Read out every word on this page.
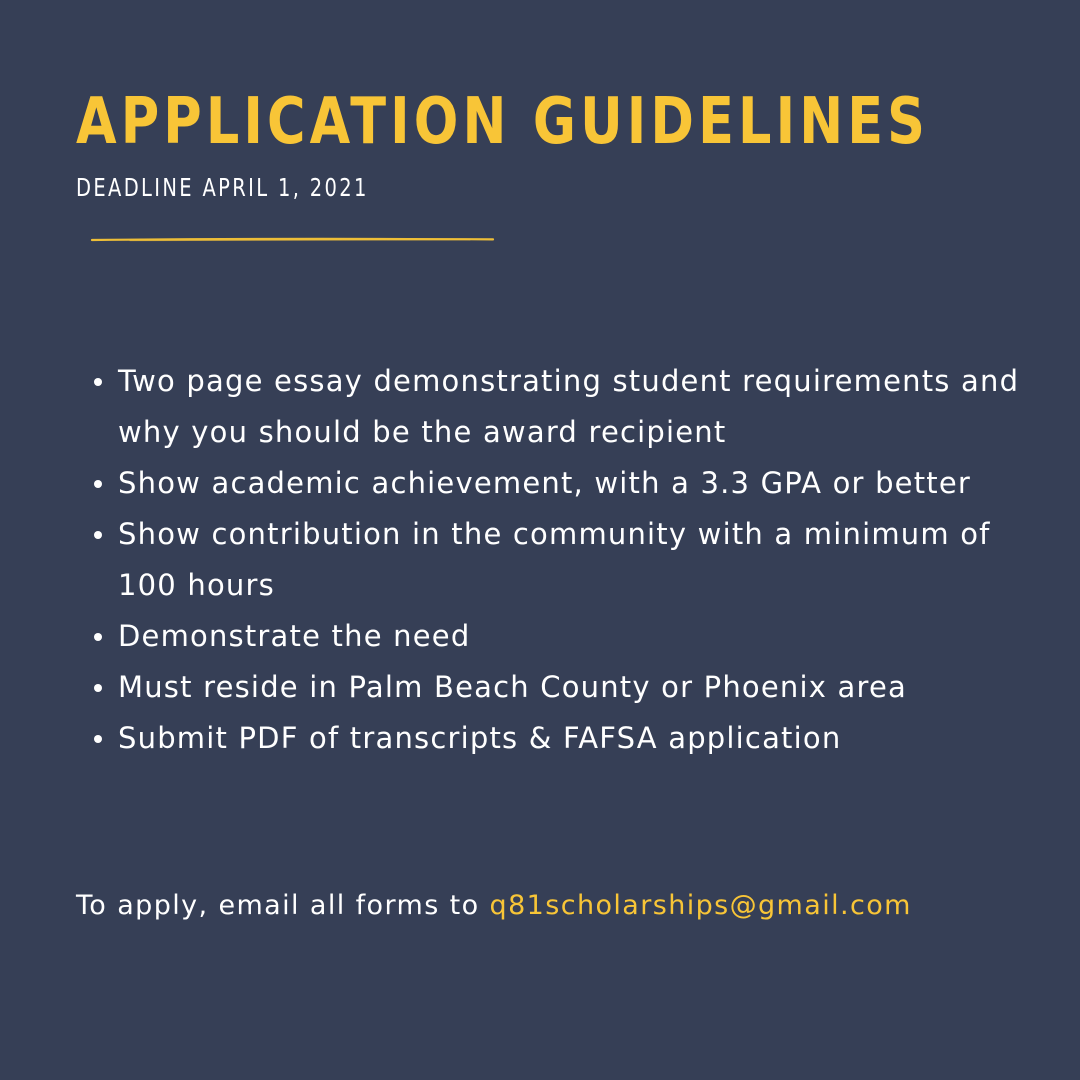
APPLICATION GUIDELINES
DEADLINE APRIL 1, 2021
Two page essay demonstrating student requirements and why you should be the award recipient
Show academic achievement, with a 3.3 GPA or better
Show contribution in the community with a minimum of 100 hours
Demonstrate the need
Must reside in Palm Beach County or Phoenix area
Submit PDF of transcripts & FAFSA application
To apply, email all forms to q81scholarships@gmail.com
